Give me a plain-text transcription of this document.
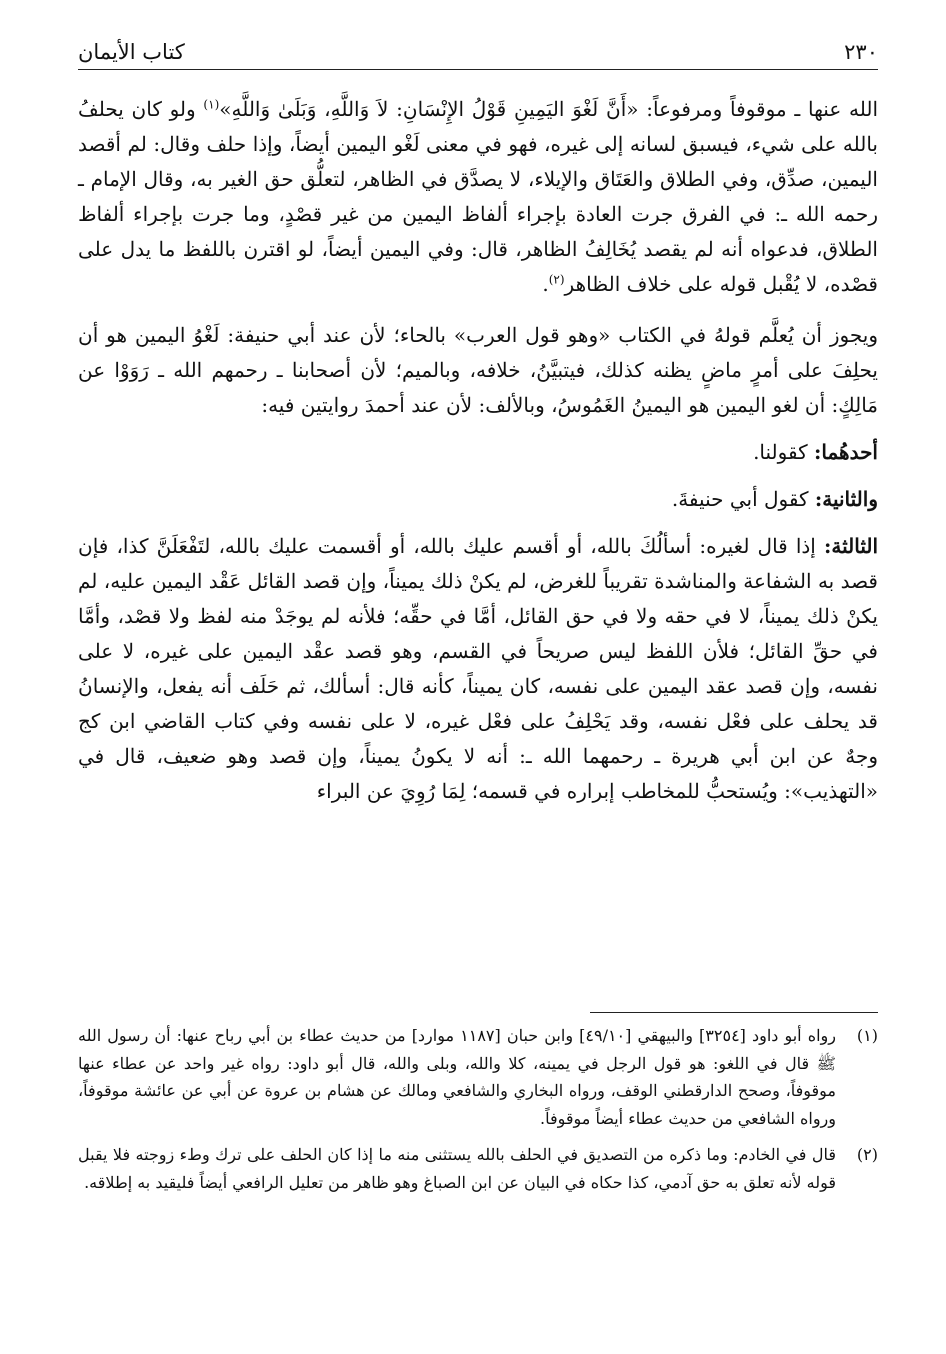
٢٣٠
كتاب الأيمان

الله عنها ـ موقوفاً ومرفوعاً: «أَنَّ لَغْوَ اليَمِينِ قَوْلُ الإِنْسَانِ: لاَ وَاللَّهِ، وَبَلَىٰ وَاللَّهِ»$^{(١)}$ ولو كان يحلفُ بالله على شيء، فيسبق لسانه إلى غيره، فهو في معنى لَغْو اليمين أيضاً، وإذا حلف وقال: لم أقصد اليمين، صدِّق، وفي الطلاق والعَتَاق والإيلاء، لا يصدَّق في الظاهر، لتعلُّق حق الغير به، وقال الإمام ـ رحمه الله ـ: في الفرق جرت العادة بإجراء ألفاظ اليمين من غير قصْدٍ، وما جرت بإجراء ألفاظ الطلاق، فدعواه أنه لم يقصد يُخَالِفُ الظاهر، قال: وفي اليمين أيضاً، لو اقترن باللفظ ما يدل على قصْده، لا يُقْبل قوله على خلاف الظاهر$^{(٢)}$.

ويجوز أن يُعلَّم قولهُ في الكتاب «وهو قول العرب» بالحاء؛ لأن عند أبي حنيفة: لَغْوُ اليمين هو أن يحلِفَ على أمرٍ ماضٍ يظنه كذلك، فيتبيَّنُ، خلافه، وبالميم؛ لأن أصحابنا ـ رحمهم الله ـ رَوَوْا عن مَالِكٍ: أن لغو اليمين هو اليمينُ الغَمُوسُ، وبالألف: لأن عند أحمدَ روايتين فيه:

أحدهُما: كقولنا.

والثانية: كقول أبي حنيفةَ.

الثالثة: إذا قال لغيره: أسألُكَ بالله، أو أقسم عليك بالله، أو أقسمت عليك بالله، لتَفْعَلَنَّ كذا، فإن قصد به الشفاعة والمناشدة تقريباً للغرض، لم يكنْ ذلك يميناً، وإن قصد القائل عَقْد اليمين عليه، لم يكنْ ذلك يميناً، لا في حقه ولا في حق القائل، أمَّا في حقِّه؛ فلأنه لم يوجَدْ منه لفظ ولا قصْد، وأمَّا في حقِّ القائل؛ فلأن اللفظ ليس صريحاً في القسم، وهو قصد عقْد اليمين على غيره، لا على نفسه، وإن قصد عقد اليمين على نفسه، كان يميناً، كأنه قال: أسألك، ثم حَلَف أنه يفعل، والإنسانُ قد يحلف على فعْل نفسه، وقد يَحْلِفُ على فعْل غيره، لا على نفسه وفي كتاب القاضي ابن كج وجهٌ عن ابن أبي هريرة ـ رحمهما الله ـ: أنه لا يكونُ يميناً، وإن قصد وهو ضعيف، قال في «التهذيب»: ويُستحبُّ للمخاطب إبراره في قسمه؛ لِمَا رُوِيَ عن البراء

(١)
رواه أبو داود [٣٢٥٤] والبيهقي [٤٩/١٠] وابن حبان [١١٨٧ موارد] من حديث عطاء بن أبي رباح عنها: أن رسول الله ﷺ قال في اللغو: هو قول الرجل في يمينه، كلا والله، وبلى والله، قال أبو داود: رواه غير واحد عن عطاء عنها موقوفاً، وصحح الدارقطني الوقف، ورواه البخاري والشافعي ومالك عن هشام بن عروة عن أبي عن عائشة موقوفاً، ورواه الشافعي من حديث عطاء أيضاً موقوفاً.
(٢)
قال في الخادم: وما ذكره من التصديق في الحلف بالله يستثنى منه ما إذا كان الحلف على ترك وطء زوجته فلا يقبل قوله لأنه تعلق به حق آدمي، كذا حكاه في البيان عن ابن الصباغ وهو ظاهر من تعليل الرافعي أيضاً فليقيد به إطلاقه.
